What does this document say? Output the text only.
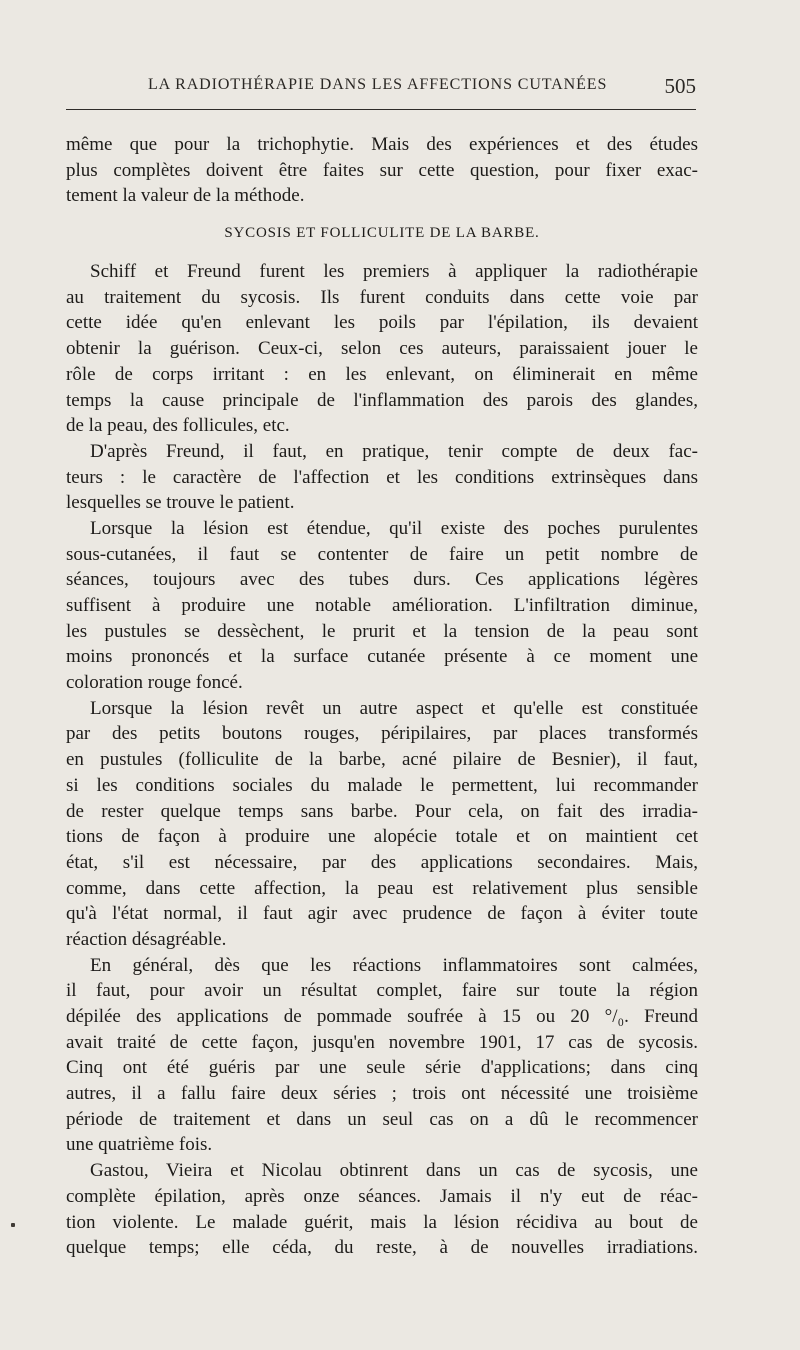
LA RADIOTHÉRAPIE DANS LES AFFECTIONS CUTANÉES	505
même que pour la trichophytie. Mais des expériences et des études
plus complètes doivent être faites sur cette question, pour fixer exac-
tement la valeur de la méthode.
SYCOSIS ET FOLLICULITE DE LA BARBE.
Schiff et Freund furent les premiers à appliquer la radiothérapie
au traitement du sycosis. Ils furent conduits dans cette voie par
cette idée qu'en enlevant les poils par l'épilation, ils devaient
obtenir la guérison. Ceux-ci, selon ces auteurs, paraissaient jouer le
rôle de corps irritant : en les enlevant, on éliminerait en même
temps la cause principale de l'inflammation des parois des glandes,
de la peau, des follicules, etc.
D'après Freund, il faut, en pratique, tenir compte de deux fac-
teurs : le caractère de l'affection et les conditions extrinsèques dans
lesquelles se trouve le patient.
Lorsque la lésion est étendue, qu'il existe des poches purulentes
sous-cutanées, il faut se contenter de faire un petit nombre de
séances, toujours avec des tubes durs. Ces applications légères
suffisent à produire une notable amélioration. L'infiltration diminue,
les pustules se dessèchent, le prurit et la tension de la peau sont
moins prononcés et la surface cutanée présente à ce moment une
coloration rouge foncé.
Lorsque la lésion revêt un autre aspect et qu'elle est constituée
par des petits boutons rouges, péripilaires, par places transformés
en pustules (folliculite de la barbe, acné pilaire de Besnier), il faut,
si les conditions sociales du malade le permettent, lui recommander
de rester quelque temps sans barbe. Pour cela, on fait des irradia-
tions de façon à produire une alopécie totale et on maintient cet
état, s'il est nécessaire, par des applications secondaires. Mais,
comme, dans cette affection, la peau est relativement plus sensible
qu'à l'état normal, il faut agir avec prudence de façon à éviter toute
réaction désagréable.
En général, dès que les réactions inflammatoires sont calmées,
il faut, pour avoir un résultat complet, faire sur toute la région
dépilée des applications de pommade soufrée à 15 ou 20 °/₀. Freund
avait traité de cette façon, jusqu'en novembre 1901, 17 cas de sycosis.
Cinq ont été guéris par une seule série d'applications; dans cinq
autres, il a fallu faire deux séries ; trois ont nécessité une troisième
période de traitement et dans un seul cas on a dû le recommencer
une quatrième fois.
Gastou, Vieira et Nicolau obtinrent dans un cas de sycosis, une
complète épilation, après onze séances. Jamais il n'y eut de réac-
tion violente. Le malade guérit, mais la lésion récidiva au bout de
quelque temps; elle céda, du reste, à de nouvelles irradiations.
